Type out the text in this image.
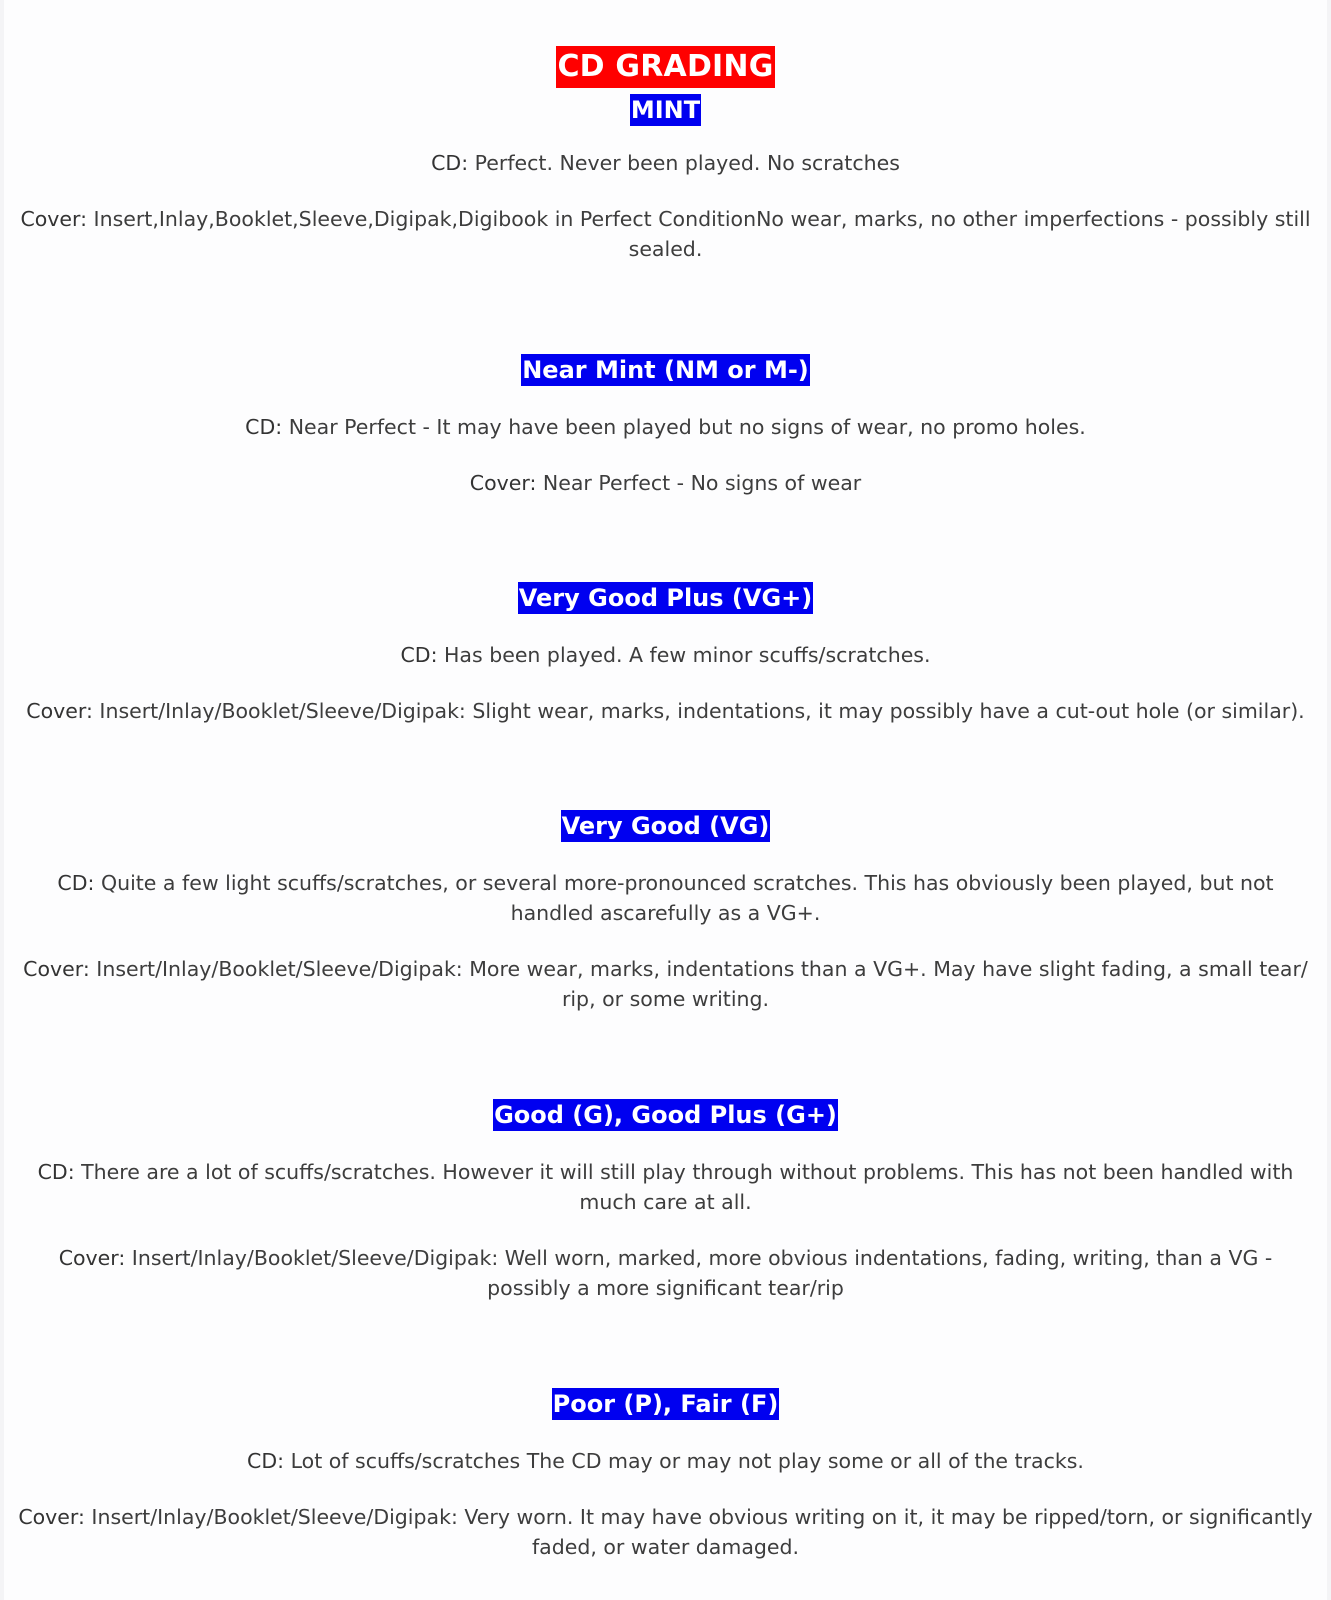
CD GRADING
MINT

CD: Perfect. Never been played. No scratches

Cover: Insert,Inlay,Booklet,Sleeve,Digipak,Digibook in Perfect ConditionNo wear, marks, no other imperfections - possibly still sealed.

Near Mint (NM or M-)

CD: Near Perfect - It may have been played but no signs of wear, no promo holes.

Cover: Near Perfect - No signs of wear

Very Good Plus (VG+)

CD: Has been played. A few minor scuffs/scratches.

Cover: Insert/Inlay/Booklet/Sleeve/Digipak: Slight wear, marks, indentations, it may possibly have a cut-out hole (or similar).

Very Good (VG)

CD: Quite a few light scuffs/scratches, or several more-pronounced scratches. This has obviously been played, but not handled ascarefully as a VG+.

Cover: Insert/Inlay/Booklet/Sleeve/Digipak: More wear, marks, indentations than a VG+. May have slight fading, a small tear/ rip, or some writing.

Good (G), Good Plus (G+)

CD: There are a lot of scuffs/scratches. However it will still play through without problems. This has not been handled with much care at all.

Cover: Insert/Inlay/Booklet/Sleeve/Digipak: Well worn, marked, more obvious indentations, fading, writing, than a VG - possibly a more significant tear/rip

Poor (P), Fair (F)

CD: Lot of scuffs/scratches The CD may or may not play some or all of the tracks.

Cover: Insert/Inlay/Booklet/Sleeve/Digipak: Very worn. It may have obvious writing on it, it may be ripped/torn, or significantly faded, or water damaged.
